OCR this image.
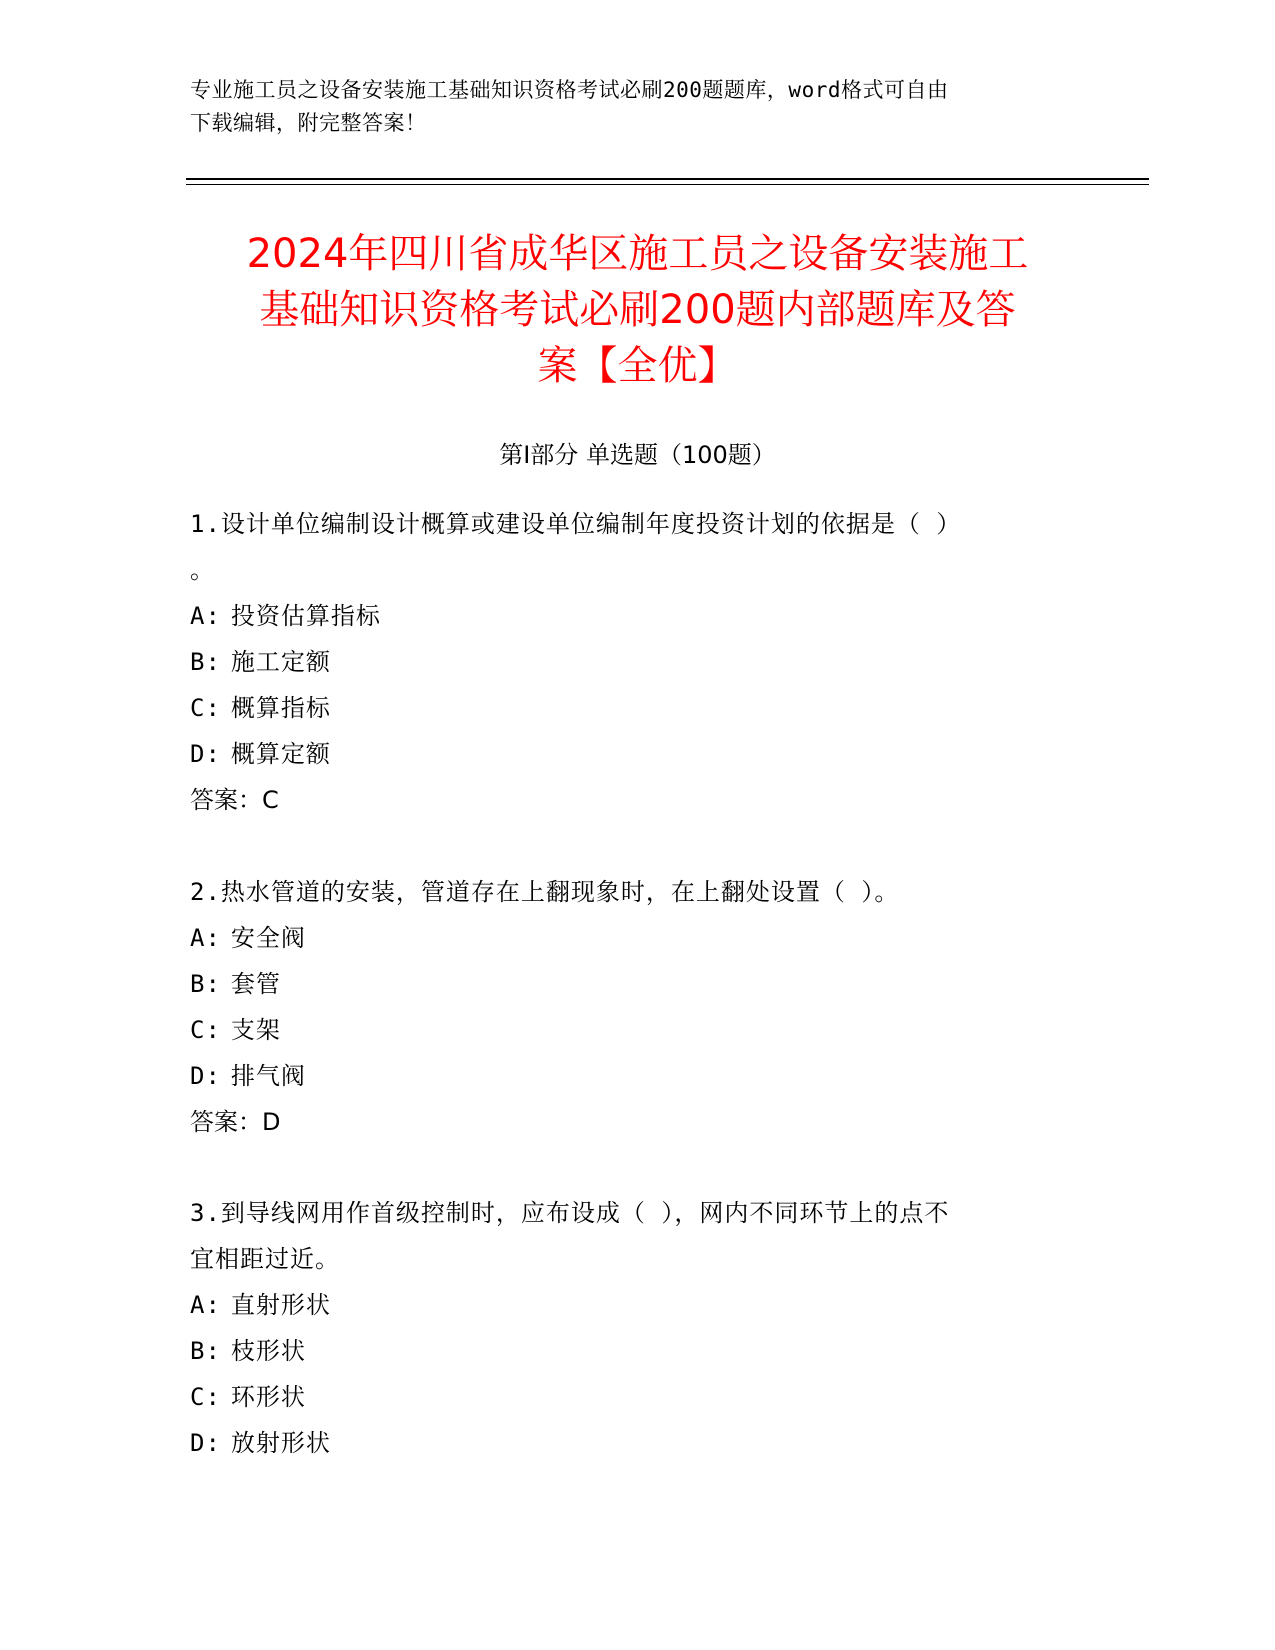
专业施工员之设备安装施工基础知识资格考试必刷200题题库，word格式可自由
下载编辑，附完整答案！
2024年四川省成华区施工员之设备安装施工
基础知识资格考试必刷200题内部题库及答
案【全优】
第Ⅰ部分 单选题（100题）
1.设计单位编制设计概算或建设单位编制年度投资计划的依据是（ ）
。
A: 投资估算指标
B: 施工定额
C: 概算指标
D: 概算定额
答案：C
2.热水管道的安装，管道存在上翻现象时，在上翻处设置（ ）。
A: 安全阀
B: 套管
C: 支架
D: 排气阀
答案：D
3.到导线网用作首级控制时，应布设成（ ），网内不同环节上的点不
宜相距过近。
A: 直射形状
B: 枝形状
C: 环形状
D: 放射形状
